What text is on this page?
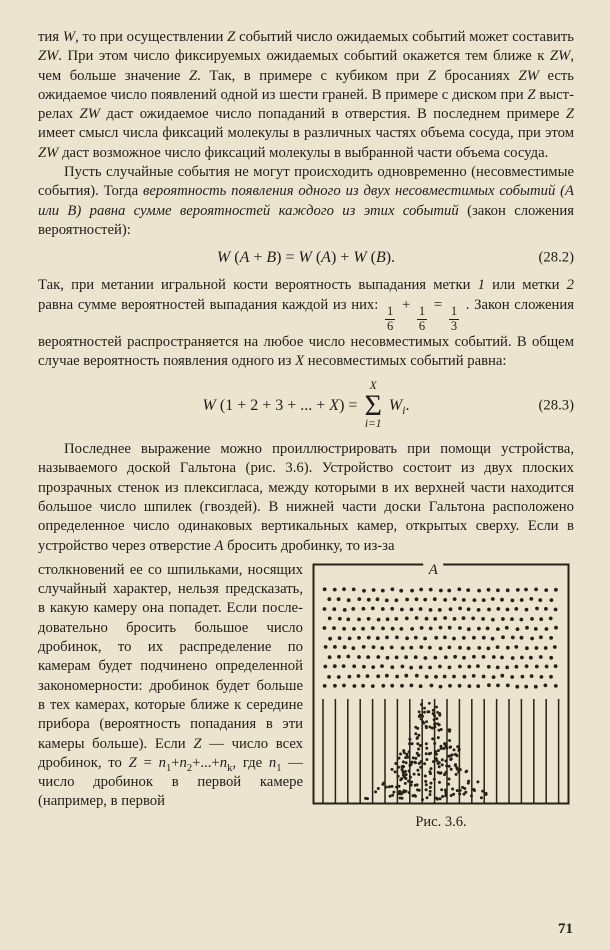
тия W, то при осуществлении Z событий число ожидаемых событий может составить ZW. При этом число фиксируемых ожидаемых событий окажется тем ближе к ZW, чем больше значение Z. Так, в примере с кубиком при Z бросаниях ZW есть ожидаемое число появлений одной из шести граней. В примере с диском при Z выстрелах ZW даст ожидаемое число попаданий в отверстия. В последнем примере Z имеет смысл числа фиксаций молекулы в различных частях объема сосуда, при этом ZW даст возможное число фиксаций молекулы в выбранной части объема сосуда.

Пусть случайные события не могут происходить одновременно (несовместимые события). Тогда вероятность появления одного из двух несовместимых событий (А или В) равна сумме вероятностей каждого из этих событий (закон сложения вероятностей):

W (A + B) = W (A) + W (B).	(28.2)

Так, при метании игральной кости вероятность выпадания метки 1 или метки 2 равна сумме вероятностей выпадания каждой из них:
$\frac{1}{6}$
+
$\frac{1}{6}$
=
$\frac{1}{3}$
. Закон сложения вероятностей распространяется на любое число несовместимых событий. В общем случае вероятность появления одного из X несовместимых событий равна:

W (1 + 2 + 3 + ... + X) =
X
Σ
i=1
$W_i$.	(28.3)

Последнее выражение можно проиллюстрировать при помощи устройства, называемого доской Гальтона (рис. 3.6). Устройство состоит из двух плоских прозрачных стенок из плексигласа, между которыми в их верхней части находится большое число шпилек (гвоздей). В нижней части доски Гальтона расположено определенное число одинаковых вертикальных камер, открытых сверху. Если в устройство через отверстие А бросить дробинку, то из-за

столкновений ее со шпильками, носящих случайный характер, нельзя предсказать, в какую камеру она попадет. Если последовательно бросить большое число дробинок, то их распределение по камерам будет подчинено определенной закономерности: дробинок будет больше в тех камерах, которые ближе к середине прибора (вероятность попадания в эти камеры больше). Если Z — число всех дробинок, то $Z = n_1+n_2+...+n_k$, где $n_1$ — число дробинок в первой камере (например, в первой

A
Рис. 3.6.
71
